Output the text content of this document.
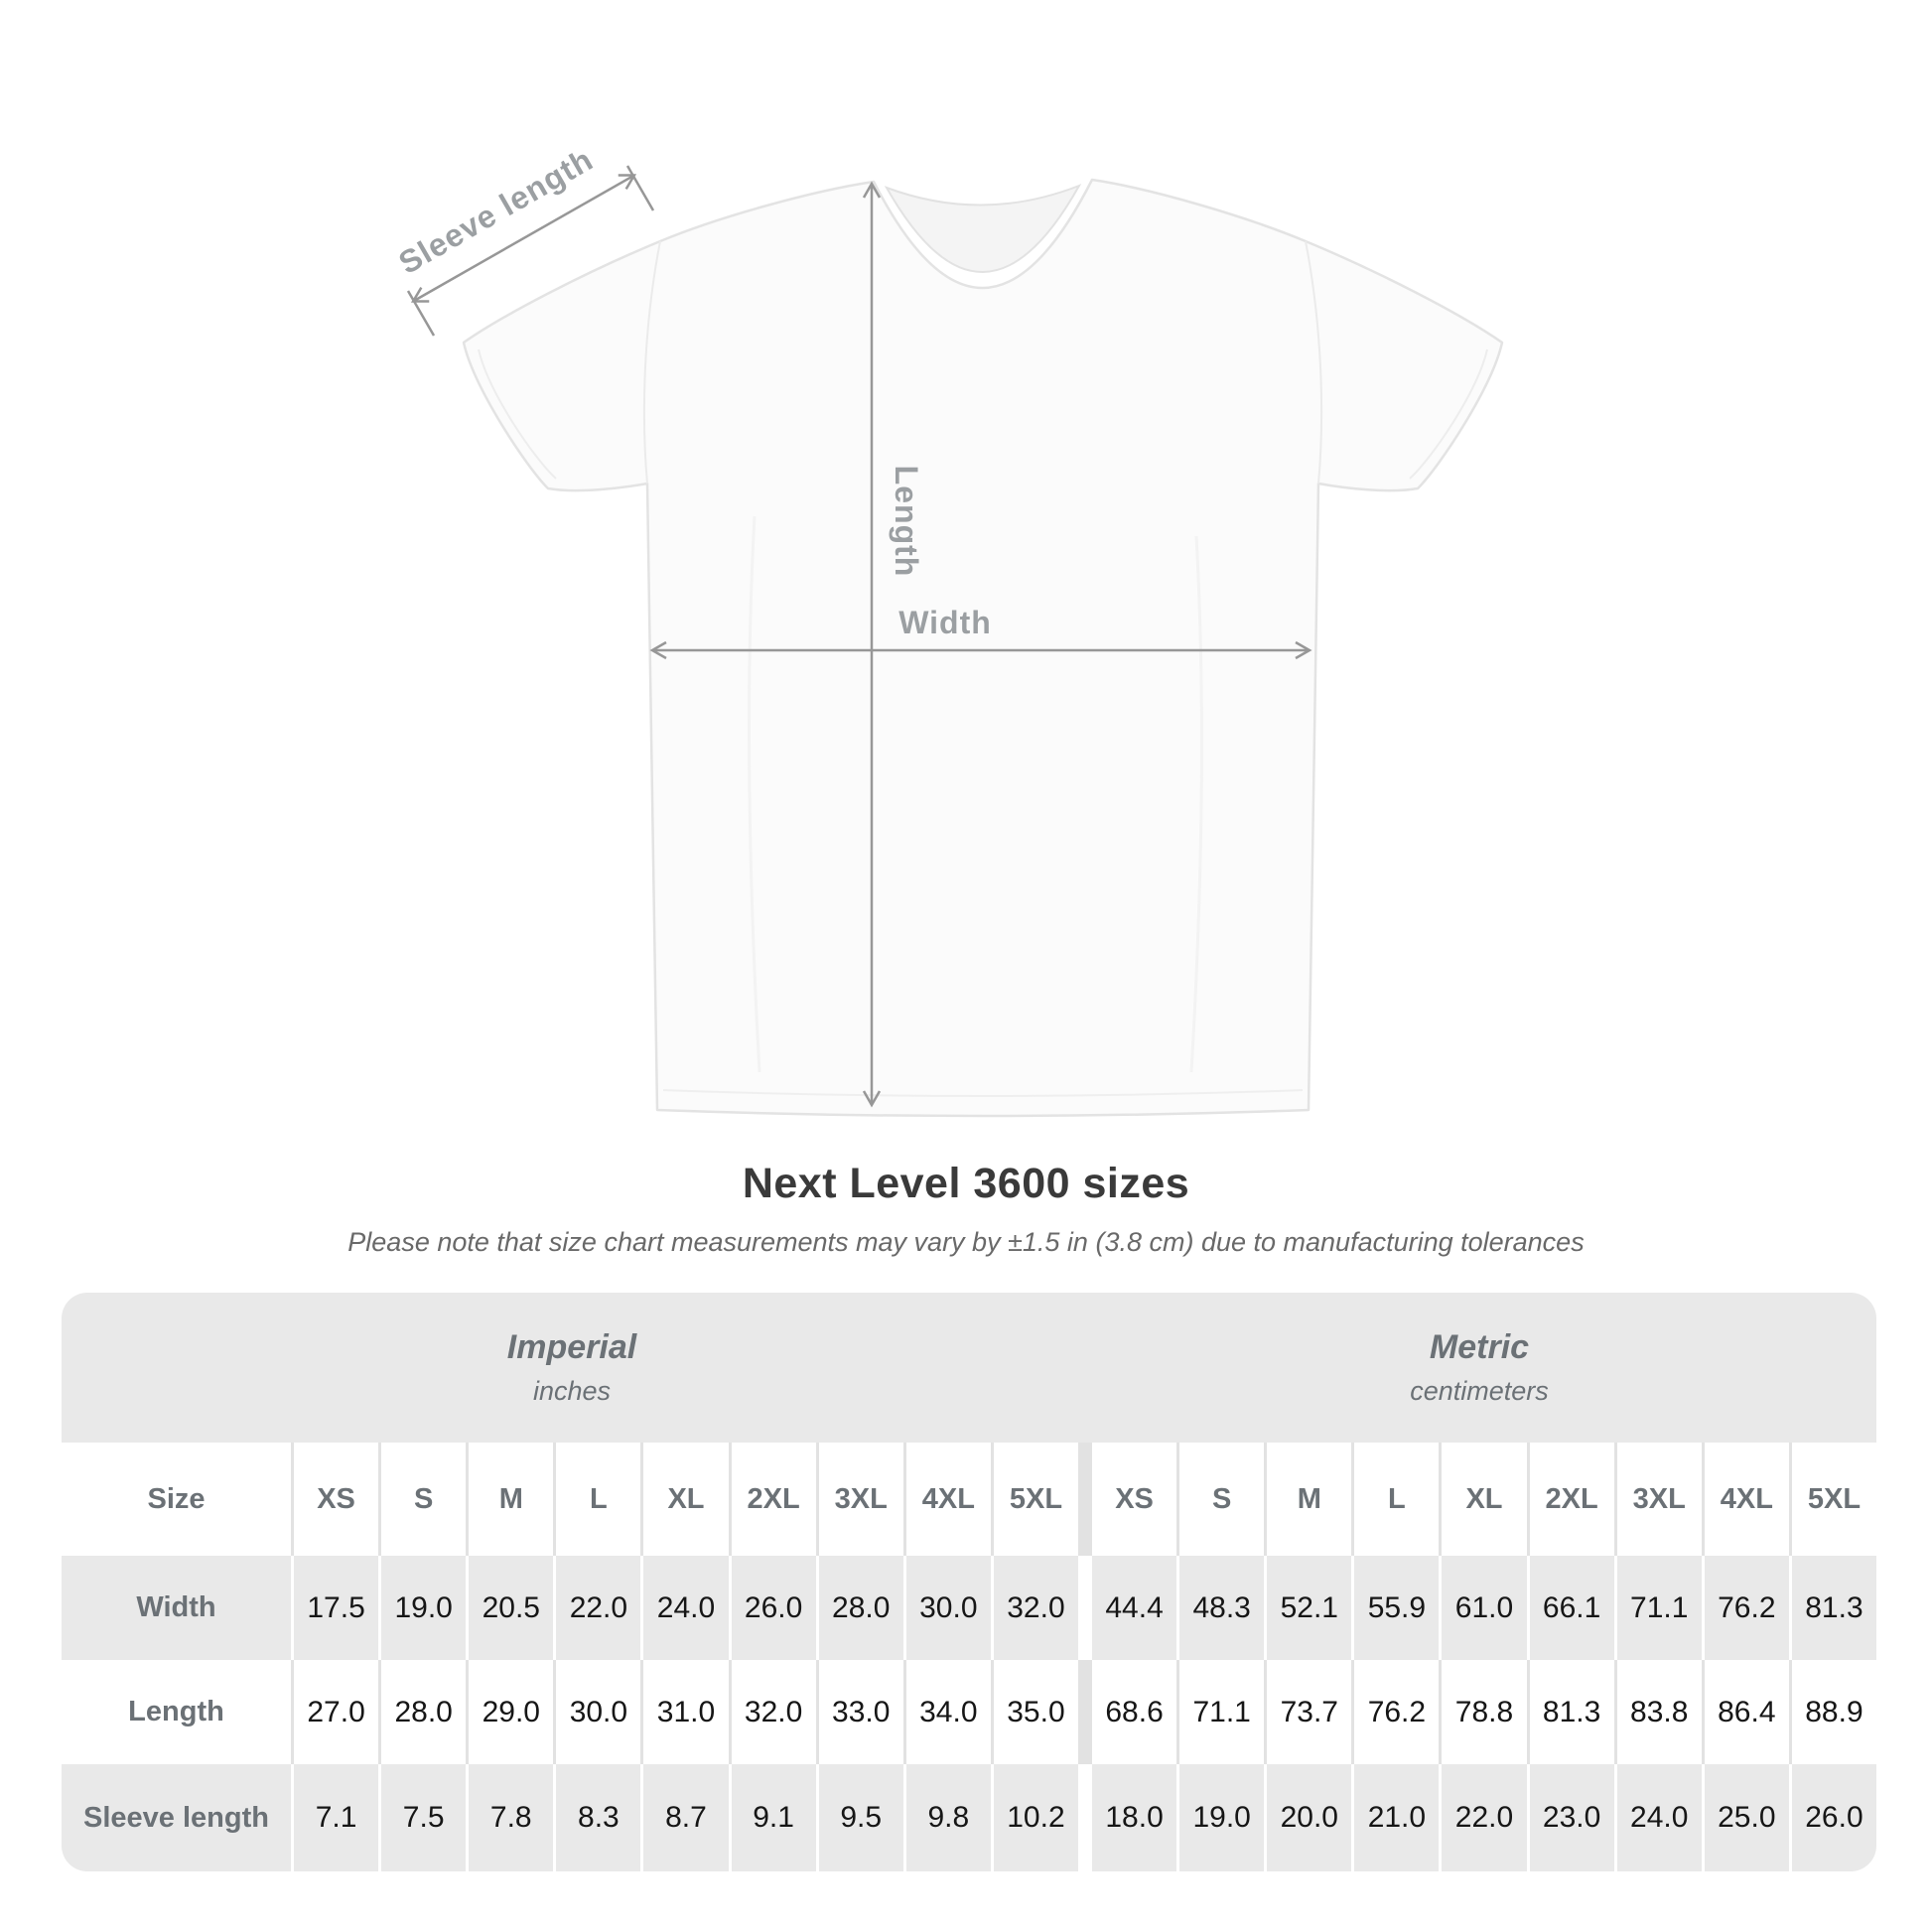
Sleeve length
Length
Width
Next Level 3600 sizes
Please note that size chart measurements may vary by ±1.5 in (3.8 cm) due to manufacturing tolerances
Imperial
inches
Metric
centimeters
Size	XS	S	M	L	XL	2XL	3XL	4XL	5XL	XS	S	M	L	XL	2XL	3XL	4XL	5XL
Width	17.5 19.0 20.5 22.0 24.0 26.0 28.0 30.0 32.0	44.4 48.3 52.1 55.9 61.0 66.1 71.1 76.2 81.3
Length	27.0 28.0 29.0 30.0 31.0 32.0 33.0 34.0 35.0	68.6 71.1 73.7 76.2 78.8 81.3 83.8 86.4 88.9
Sleeve length	7.1	7.5	7.8	8.3	8.7	9.1	9.5	9.8	10.2	18.0 19.0 20.0 21.0 22.0 23.0 24.0 25.0 26.0
